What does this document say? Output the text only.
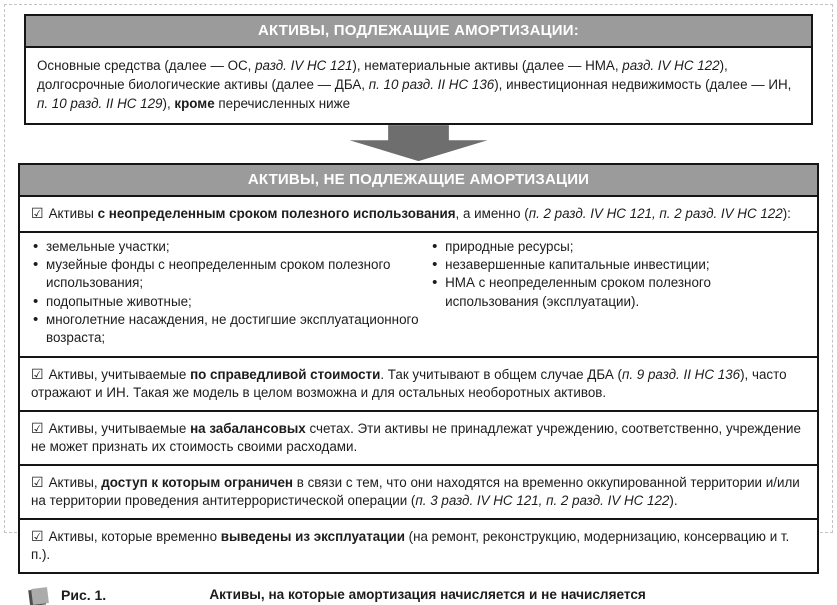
АКТИВЫ, ПОДЛЕЖАЩИЕ АМОРТИЗАЦИИ:
Основные средства (далее — ОС, разд. IV НС 121), нематериальные активы (далее — НМА, разд. IV НС 122), долгосрочные биологические активы (далее — ДБА, п. 10 разд. II НС 136), инвестиционная недвижимость (далее — ИН, п. 10 разд. II НС 129), кроме перечисленных ниже
АКТИВЫ, НЕ ПОДЛЕЖАЩИЕ АМОРТИЗАЦИИ
☑ Активы с неопределенным сроком полезного использования, а именно (п. 2 разд. IV НС 121, п. 2 разд. IV НС 122):
• земельные участки;
• музейные фонды с неопределенным сроком полезного использования;
• подопытные животные;
• многолетние насаждения, не достигшие эксплуатационного возраста;
• природные ресурсы;
• незавершенные капитальные инвестиции;
• НМА с неопределенным сроком полезного использования (эксплуатации).
☑ Активы, учитываемые по справедливой стоимости. Так учитывают в общем случае ДБА (п. 9 разд. II НС 136), часто отражают и ИН. Такая же модель в целом возможна и для остальных необоротных активов.
☑ Активы, учитываемые на забалансовых счетах. Эти активы не принадлежат учреждению, соответственно, учреждение не может признать их стоимость своими расходами.
☑ Активы, доступ к которым ограничен в связи с тем, что они находятся на временно оккупированной территории и/или на территории проведения антитеррористической операции (п. 3 разд. IV НС 121, п. 2 разд. IV НС 122).
☑ Активы, которые временно выведены из эксплуатации (на ремонт, реконструкцию, модернизацию, консервацию и т. п.).
Рис. 1.	Активы, на которые амортизация начисляется и не начисляется
